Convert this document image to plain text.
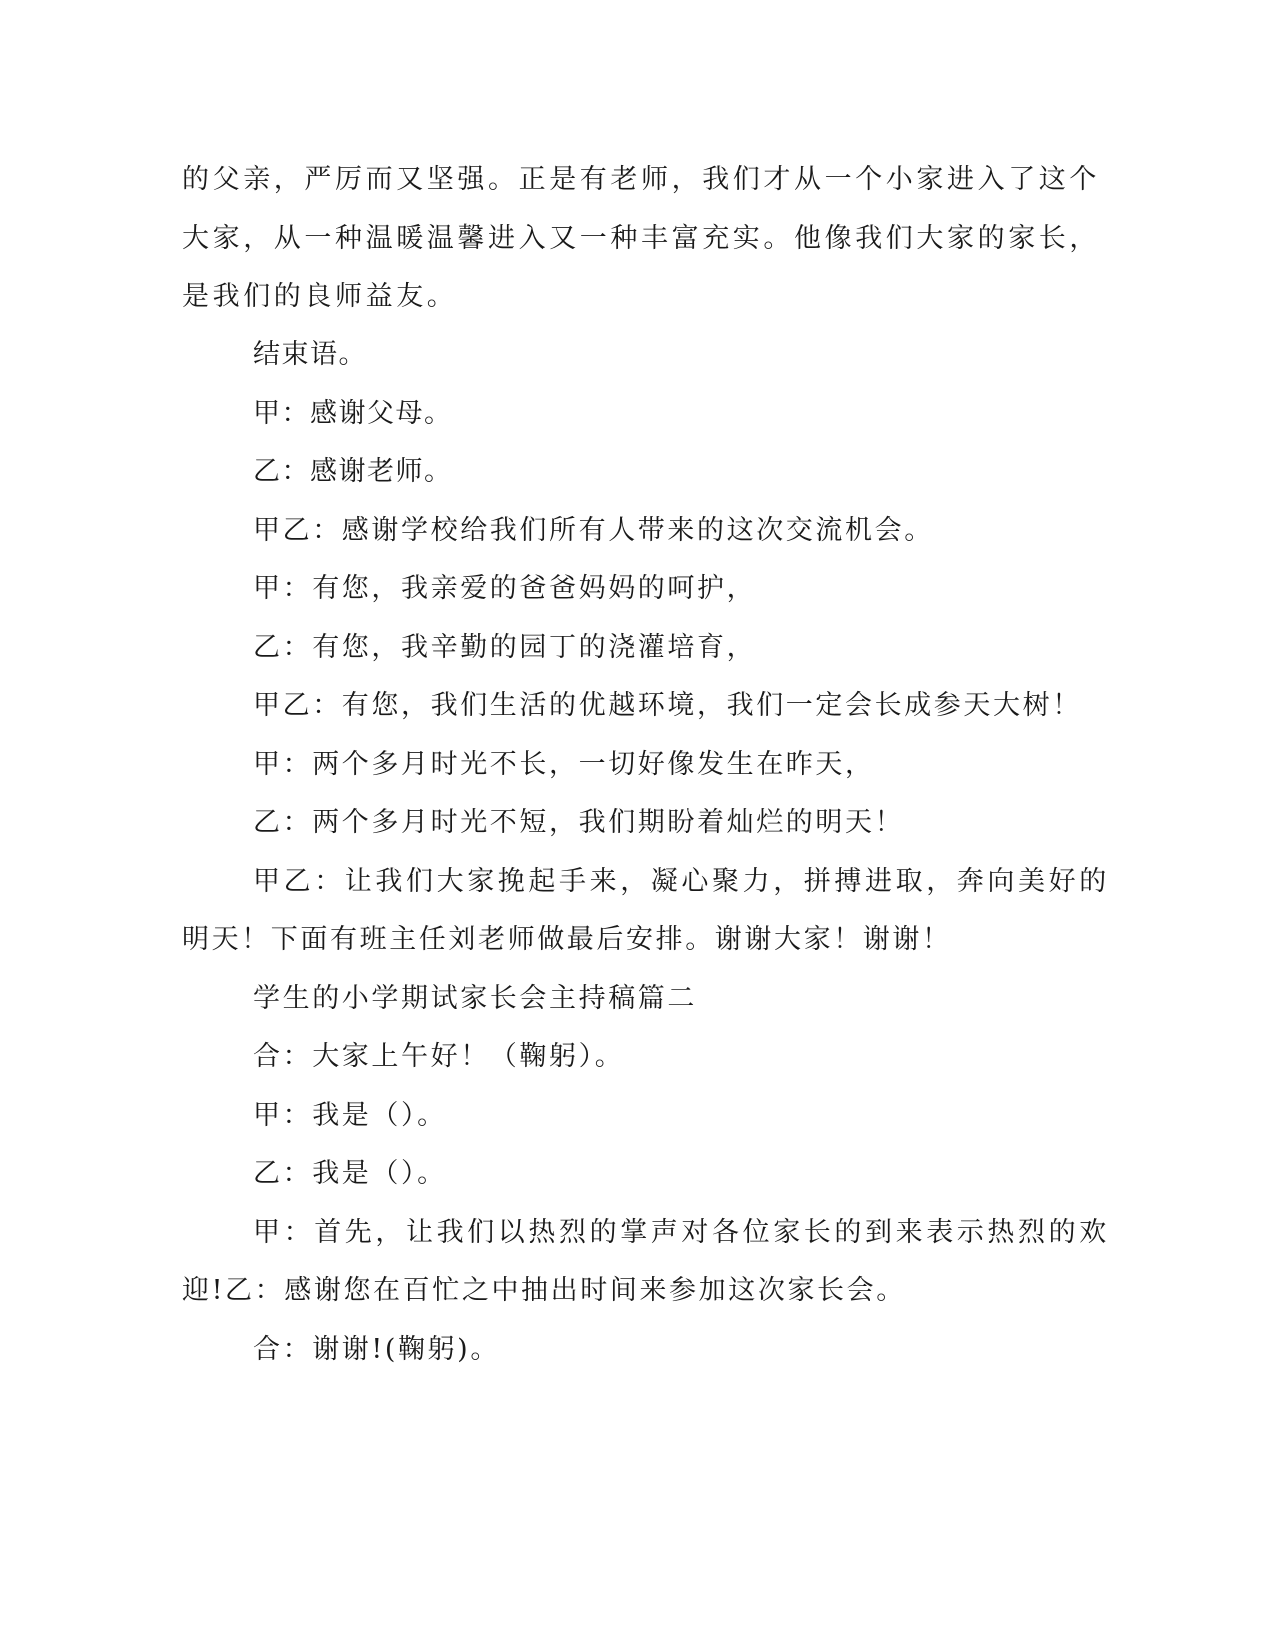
的父亲，严厉而又坚强。正是有老师，我们才从一个小家进入了这个

大家，从一种温暖温馨进入又一种丰富充实。他像我们大家的家长，

是我们的良师益友。

结束语。

甲：感谢父母。

乙：感谢老师。

甲乙：感谢学校给我们所有人带来的这次交流机会。

甲：有您，我亲爱的爸爸妈妈的呵护，

乙：有您，我辛勤的园丁的浇灌培育，

甲乙：有您，我们生活的优越环境，我们一定会长成参天大树！

甲：两个多月时光不长，一切好像发生在昨天，

乙：两个多月时光不短，我们期盼着灿烂的明天！

甲乙：让我们大家挽起手来，凝心聚力，拼搏进取，奔向美好的

明天！下面有班主任刘老师做最后安排。谢谢大家！谢谢！

学生的小学期试家长会主持稿篇二

合：大家上午好！（鞠躬）。

甲：我是（）。

乙：我是（）。

甲：首先，让我们以热烈的掌声对各位家长的到来表示热烈的欢

迎!乙：感谢您在百忙之中抽出时间来参加这次家长会。

合：谢谢!(鞠躬)。
